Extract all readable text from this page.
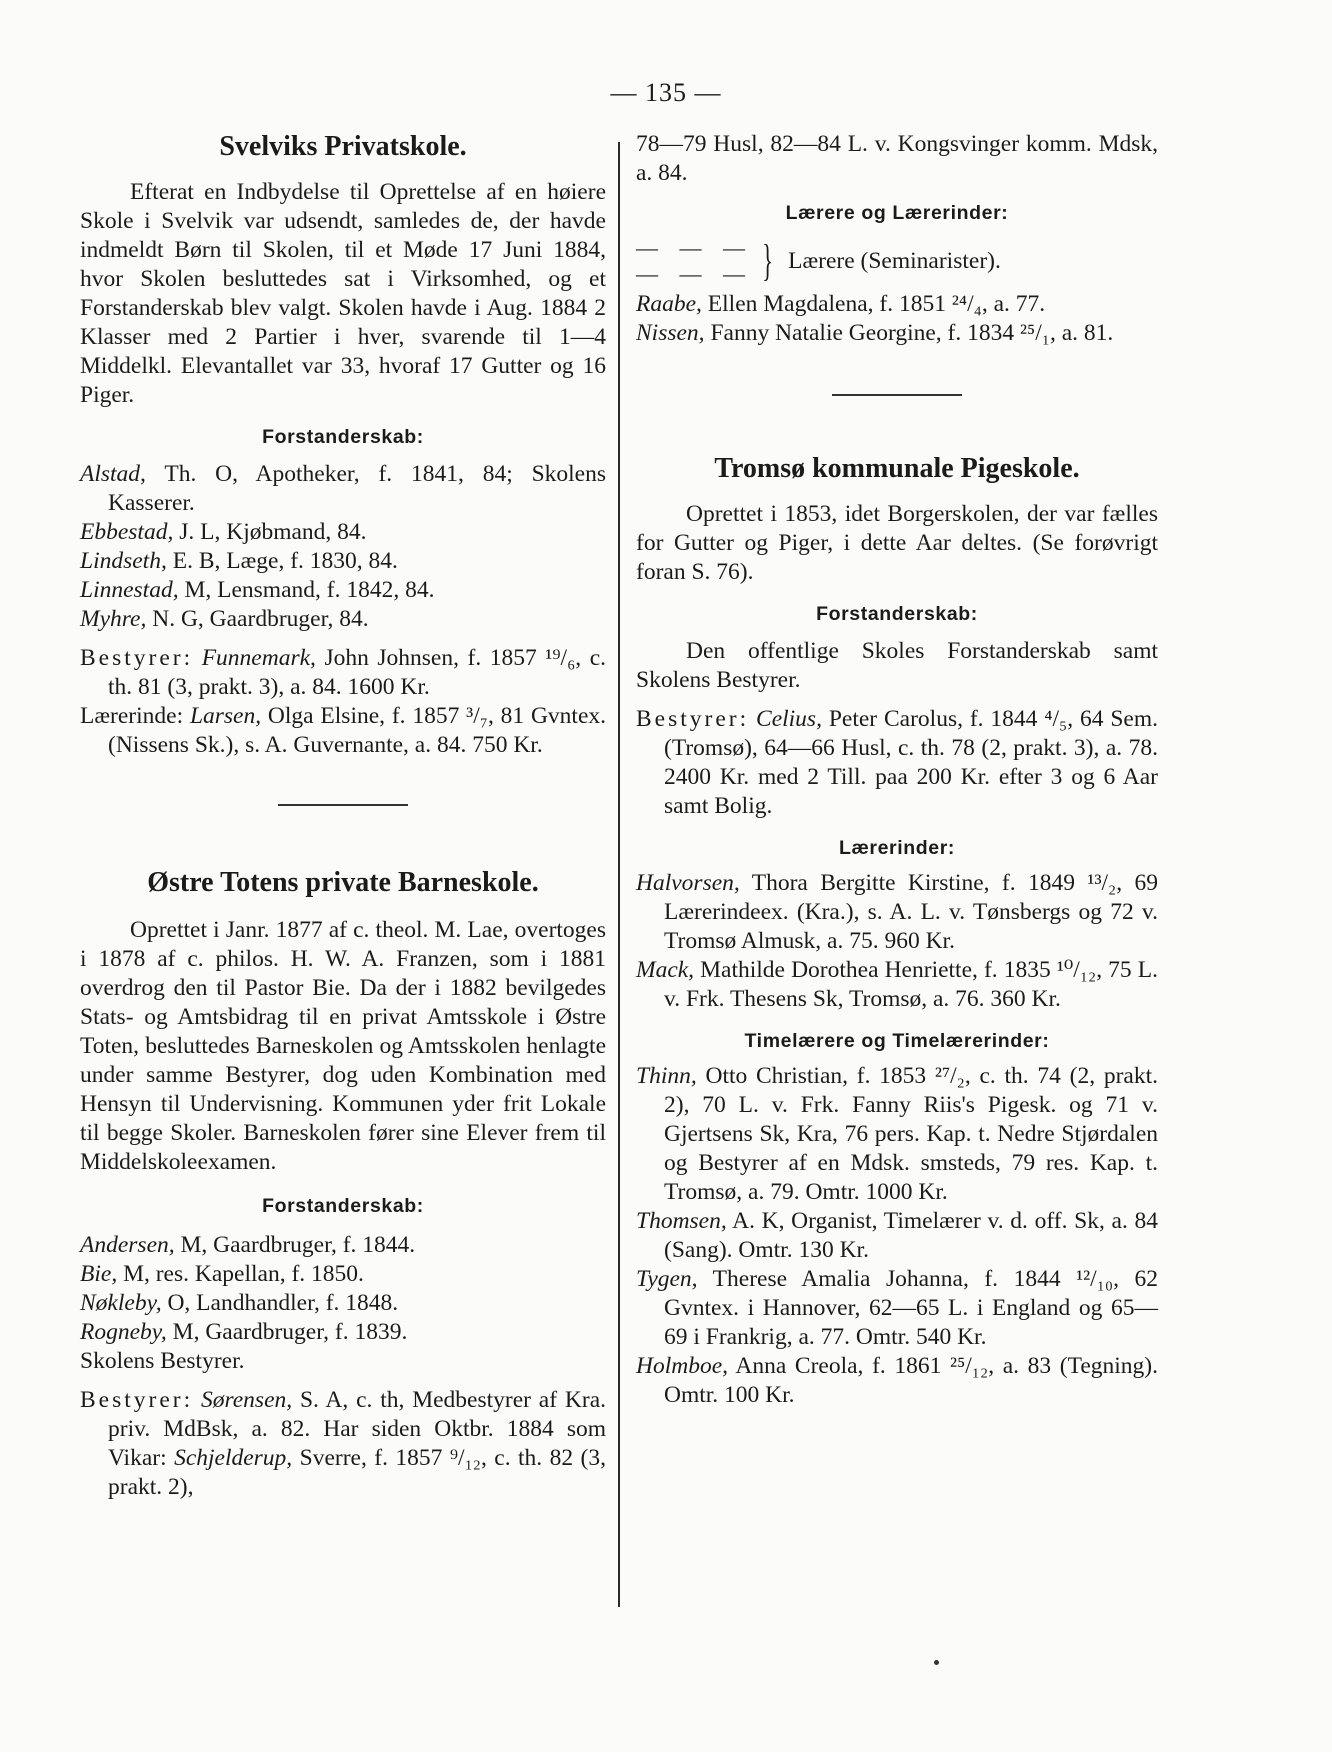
— 135 —
Svelviks Privatskole.

Efterat en Indbydelse til Oprettelse af en høiere Skole i Svelvik var udsendt, samledes de, der havde indmeldt Børn til Skolen, til et Møde 17 Juni 1884, hvor Skolen besluttedes sat i Virksomhed, og et Forstanderskab blev valgt. Skolen havde i Aug. 1884 2 Klasser med 2 Partier i hver, svarende til 1—4 Middelkl. Elevantallet var 33, hvoraf 17 Gutter og 16 Piger.

Forstanderskab:

Alstad, Th. O, Apotheker, f. 1841, 84; Skolens Kasserer.

Ebbestad, J. L, Kjøbmand, 84.

Lindseth, E. B, Læge, f. 1830, 84.

Linnestad, M, Lensmand, f. 1842, 84.

Myhre, N. G, Gaardbruger, 84.

Bestyrer: Funnemark, John Johnsen, f. 1857 ¹⁹/₆, c. th. 81 (3, prakt. 3), a. 84. 1600 Kr.

Lærerinde: Larsen, Olga Elsine, f. 1857 ³/₇, 81 Gvntex. (Nissens Sk.), s. A. Guvernante, a. 84. 750 Kr.

Østre Totens private Barneskole.

Oprettet i Janr. 1877 af c. theol. M. Lae, overtoges i 1878 af c. philos. H. W. A. Franzen, som i 1881 overdrog den til Pastor Bie. Da der i 1882 bevilgedes Stats- og Amtsbidrag til en privat Amtsskole i Østre Toten, besluttedes Barneskolen og Amtsskolen henlagte under samme Bestyrer, dog uden Kombination med Hensyn til Undervisning. Kommunen yder frit Lokale til begge Skoler. Barneskolen fører sine Elever frem til Middelskoleexamen.

Forstanderskab:

Andersen, M, Gaardbruger, f. 1844.

Bie, M, res. Kapellan, f. 1850.

Nøkleby, O, Landhandler, f. 1848.

Rogneby, M, Gaardbruger, f. 1839.

Skolens Bestyrer.

Bestyrer: Sørensen, S. A, c. th, Medbestyrer af Kra. priv. MdBsk, a. 82. Har siden Oktbr. 1884 som Vikar: Schjelderup, Sverre, f. 1857 ⁹/₁₂, c. th. 82 (3, prakt. 2),

78—79 Husl, 82—84 L. v. Kongsvinger komm. Mdsk, a. 84.

Lærere og Lærerinder:
— — —
— — — } Lærere (Seminarister).

Raabe, Ellen Magdalena, f. 1851 ²⁴/₄, a. 77.

Nissen, Fanny Natalie Georgine, f. 1834 ²⁵/₁, a. 81.

Tromsø kommunale Pigeskole.

Oprettet i 1853, idet Borgerskolen, der var fælles for Gutter og Piger, i dette Aar deltes. (Se forøvrigt foran S. 76).

Forstanderskab:

Den offentlige Skoles Forstanderskab samt Skolens Bestyrer.

Bestyrer: Celius, Peter Carolus, f. 1844 ⁴/₅, 64 Sem. (Tromsø), 64—66 Husl, c. th. 78 (2, prakt. 3), a. 78. 2400 Kr. med 2 Till. paa 200 Kr. efter 3 og 6 Aar samt Bolig.

Lærerinder:

Halvorsen, Thora Bergitte Kirstine, f. 1849 ¹³/₂, 69 Lærerindeex. (Kra.), s. A. L. v. Tønsbergs og 72 v. Tromsø Almusk, a. 75. 960 Kr.

Mack, Mathilde Dorothea Henriette, f. 1835 ¹⁰/₁₂, 75 L. v. Frk. Thesens Sk, Tromsø, a. 76. 360 Kr.

Timelærere og Timelærerinder:

Thinn, Otto Christian, f. 1853 ²⁷/₂, c. th. 74 (2, prakt. 2), 70 L. v. Frk. Fanny Riis's Pigesk. og 71 v. Gjertsens Sk, Kra, 76 pers. Kap. t. Nedre Stjørdalen og Bestyrer af en Mdsk. smsteds, 79 res. Kap. t. Tromsø, a. 79. Omtr. 1000 Kr.

Thomsen, A. K, Organist, Timelærer v. d. off. Sk, a. 84 (Sang). Omtr. 130 Kr.

Tygen, Therese Amalia Johanna, f. 1844 ¹²/₁₀, 62 Gvntex. i Hannover, 62—65 L. i England og 65—69 i Frankrig, a. 77. Omtr. 540 Kr.

Holmboe, Anna Creola, f. 1861 ²⁵/₁₂, a. 83 (Tegning). Omtr. 100 Kr.
